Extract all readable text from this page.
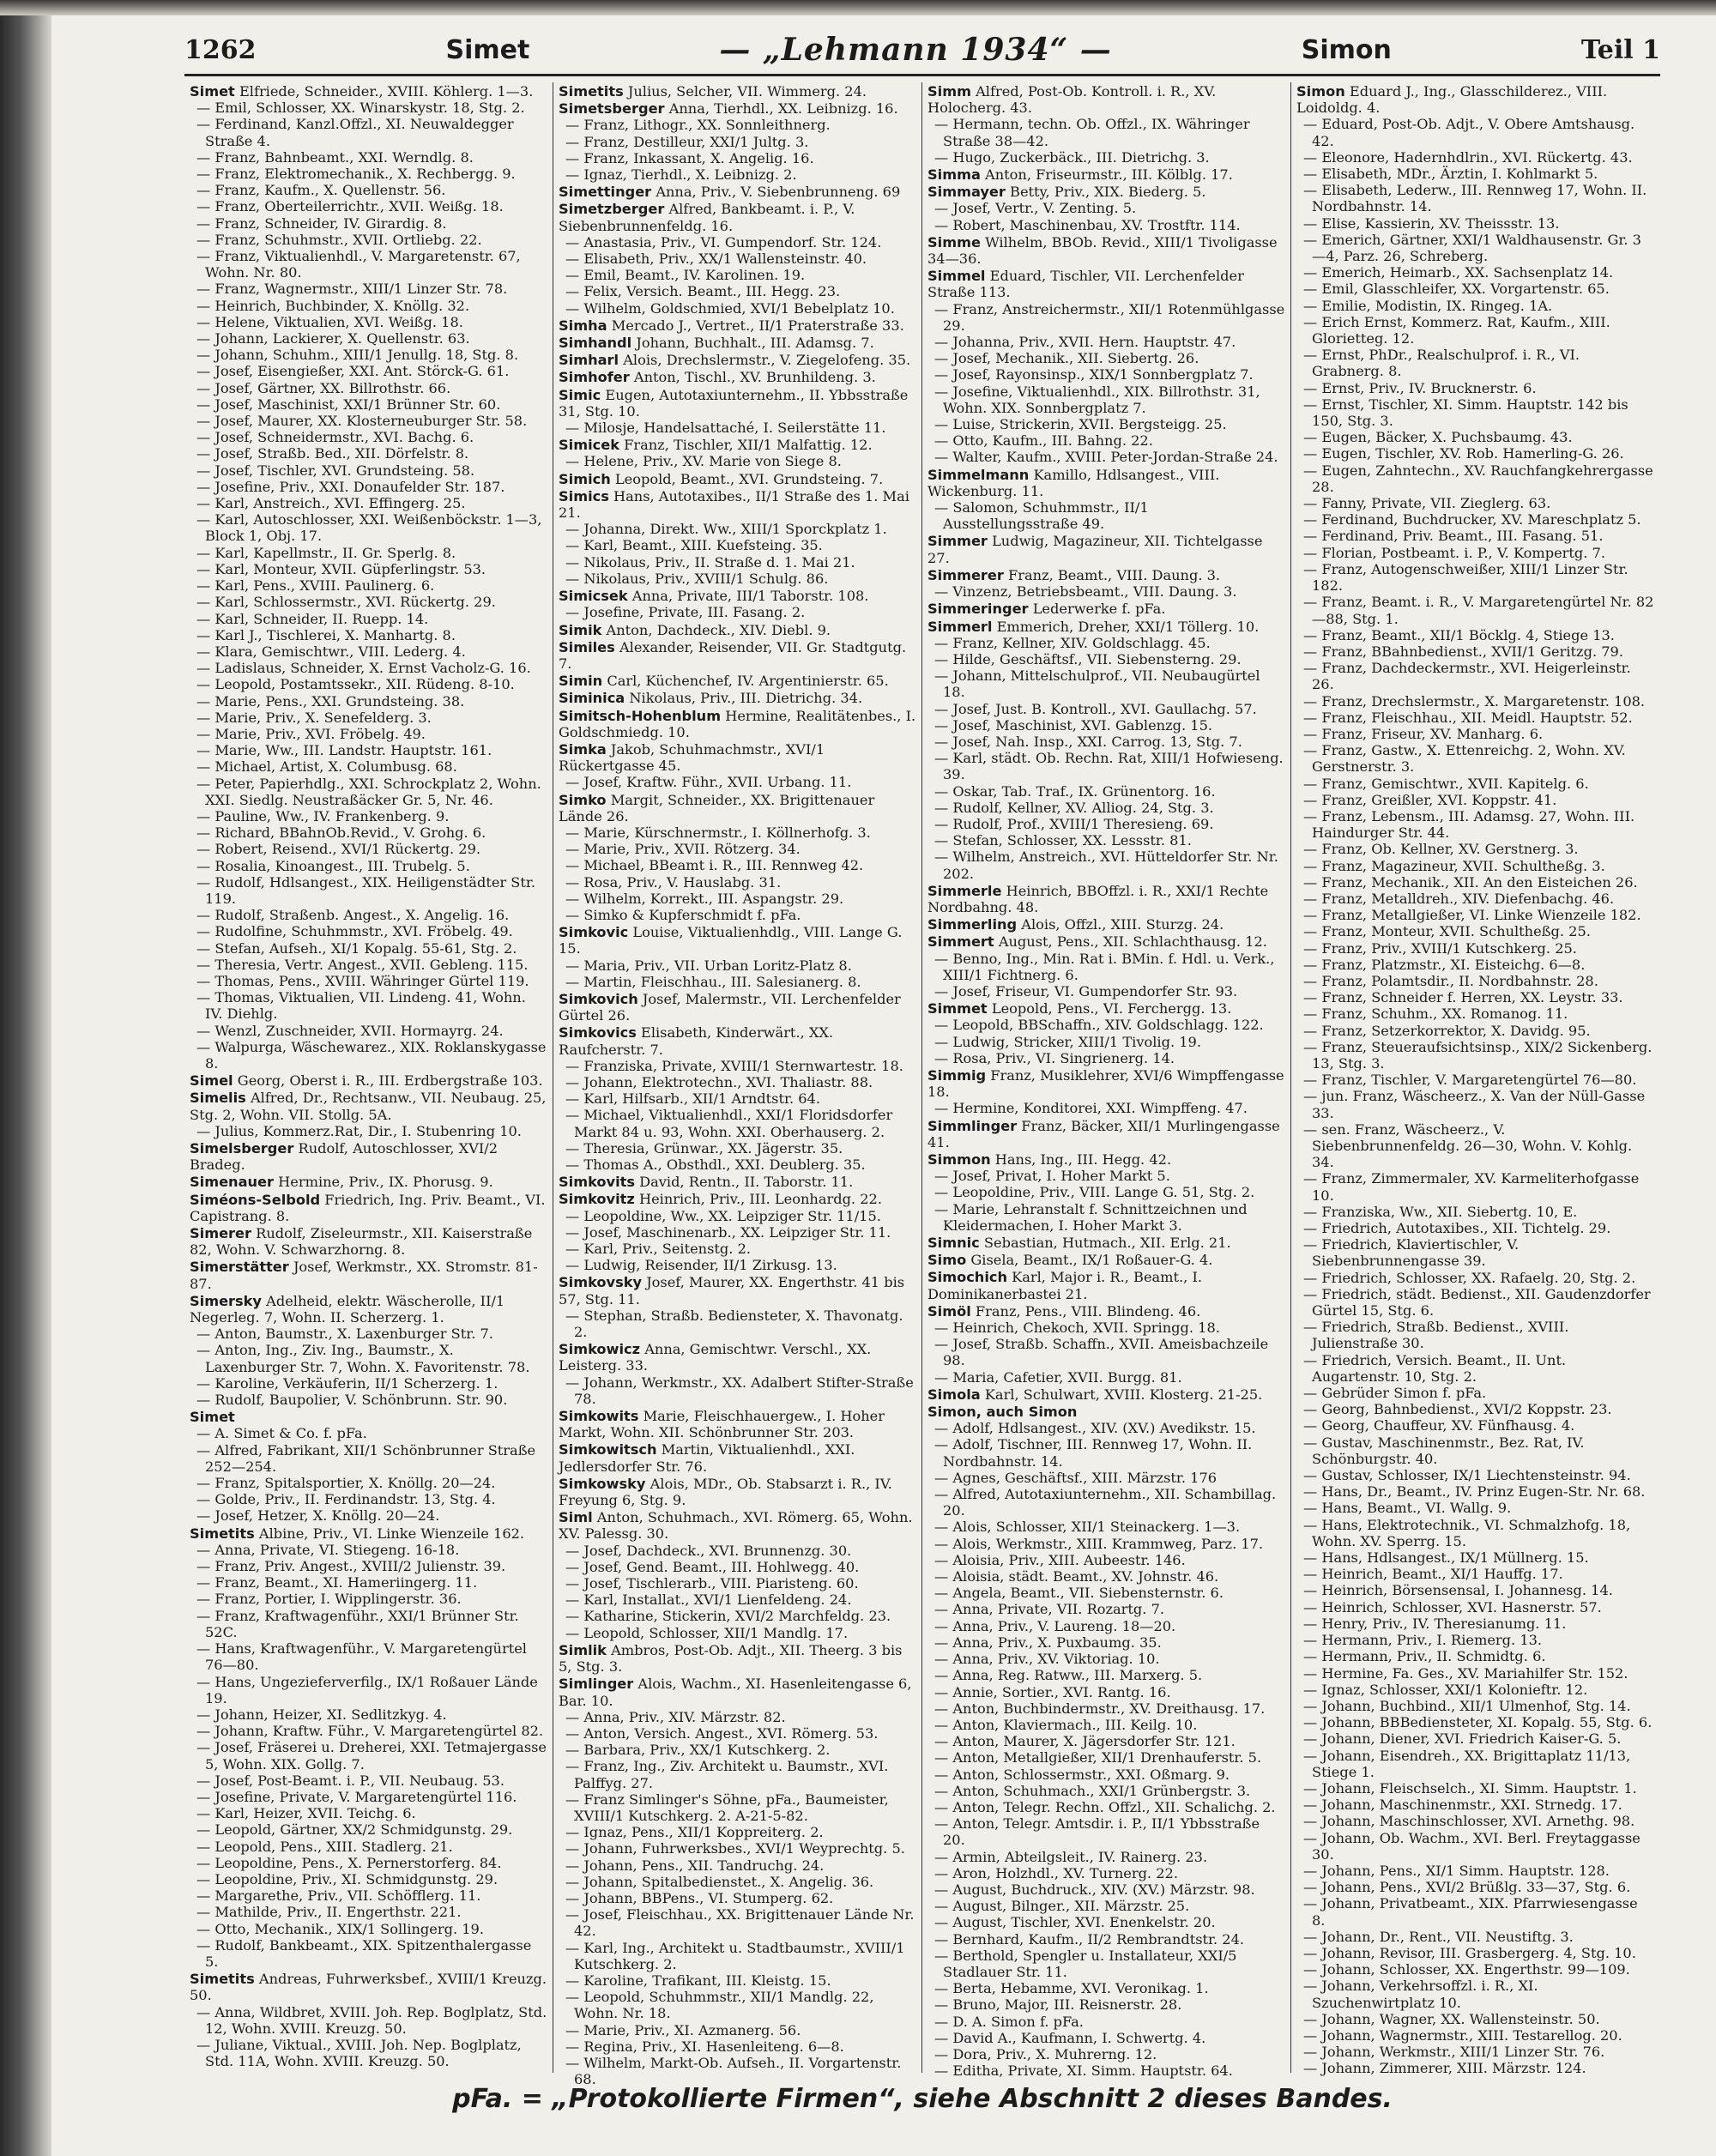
1262	Simet	— „Lehmann 1934“ —	Simon	Teil 1

Simet Elfriede, Schneider., XVIII. Köhlerg. 1—3.

— Emil, Schlosser, XX. Winarskystr. 18, Stg. 2.

— Ferdinand, Kanzl.Offzl., XI. Neuwaldegger Straße 4.

— Franz, Bahnbeamt., XXI. Werndlg. 8.

— Franz, Elektromechanik., X. Rechbergg. 9.

— Franz, Kaufm., X. Quellenstr. 56.

— Franz, Oberteilerrichtr., XVII. Weißg. 18.

— Franz, Schneider, IV. Girardig. 8.

— Franz, Schuhmstr., XVII. Ortliebg. 22.

— Franz, Viktualienhdl., V. Margaretenstr. 67, Wohn. Nr. 80.

— Franz, Wagnermstr., XIII/1 Linzer Str. 78.

— Heinrich, Buchbinder, X. Knöllg. 32.

— Helene, Viktualien, XVI. Weißg. 18.

— Johann, Lackierer, X. Quellenstr. 63.

— Johann, Schuhm., XIII/1 Jenullg. 18, Stg. 8.

— Josef, Eisengießer, XXI. Ant. Störck-G. 61.

— Josef, Gärtner, XX. Billrothstr. 66.

— Josef, Maschinist, XXI/1 Brünner Str. 60.

— Josef, Maurer, XX. Klosterneuburger Str. 58.

— Josef, Schneidermstr., XVI. Bachg. 6.

— Josef, Straßb. Bed., XII. Dörfelstr. 8.

— Josef, Tischler, XVI. Grundsteing. 58.

— Josefine, Priv., XXI. Donaufelder Str. 187.

— Karl, Anstreich., XVI. Effingerg. 25.

— Karl, Autoschlosser, XXI. Weißenböckstr. 1—3, Block 1, Obj. 17.

— Karl, Kapellmstr., II. Gr. Sperlg. 8.

— Karl, Monteur, XVII. Güpferlingstr. 53.

— Karl, Pens., XVIII. Paulinerg. 6.

— Karl, Schlossermstr., XVI. Rückertg. 29.

— Karl, Schneider, II. Ruepp. 14.

— Karl J., Tischlerei, X. Manhartg. 8.

— Klara, Gemischtwr., VIII. Lederg. 4.

— Ladislaus, Schneider, X. Ernst Vacholz-G. 16.

— Leopold, Postamtssekr., XII. Rüdeng. 8-10.

— Marie, Pens., XXI. Grundsteing. 38.

— Marie, Priv., X. Senefelderg. 3.

— Marie, Priv., XVI. Fröbelg. 49.

— Marie, Ww., III. Landstr. Hauptstr. 161.

— Michael, Artist, X. Columbusg. 68.

— Peter, Papierhdlg., XXI. Schrockplatz 2, Wohn. XXI. Siedlg. Neustraßäcker Gr. 5, Nr. 46.

— Pauline, Ww., IV. Frankenberg. 9.

— Richard, BBahnOb.Revid., V. Grohg. 6.

— Robert, Reisend., XVI/1 Rückertg. 29.

— Rosalia, Kinoangest., III. Trubelg. 5.

— Rudolf, Hdlsangest., XIX. Heiligenstädter Str. 119.

— Rudolf, Straßenb. Angest., X. Angelig. 16.

— Rudolfine, Schuhmmstr., XVI. Fröbelg. 49.

— Stefan, Aufseh., XI/1 Kopalg. 55-61, Stg. 2.

— Theresia, Vertr. Angest., XVII. Gebleng. 115.

— Thomas, Pens., XVIII. Währinger Gürtel 119.

— Thomas, Viktualien, VII. Lindeng. 41, Wohn. IV. Diehlg.

— Wenzl, Zuschneider, XVII. Hormayrg. 24.

— Walpurga, Wäschewarez., XIX. Roklanskygasse 8.

Simel Georg, Oberst i. R., III. Erdbergstraße 103.

Simelis Alfred, Dr., Rechtsanw., VII. Neubaug. 25, Stg. 2, Wohn. VII. Stollg. 5A.

— Julius, Kommerz.Rat, Dir., I. Stubenring 10.

Simelsberger Rudolf, Autoschlosser, XVI/2 Bradeg.

Simenauer Hermine, Priv., IX. Phorusg. 9.

Siméons-Selbold Friedrich, Ing. Priv. Beamt., VI. Capistrang. 8.

Simerer Rudolf, Ziseleurmstr., XII. Kaiserstraße 82, Wohn. V. Schwarzhorng. 8.

Simerstätter Josef, Werkmstr., XX. Stromstr. 81-87.

Simersky Adelheid, elektr. Wäscherolle, II/1 Negerleg. 7, Wohn. II. Scherzerg. 1.

— Anton, Baumstr., X. Laxenburger Str. 7.

— Anton, Ing., Ziv. Ing., Baumstr., X. Laxenburger Str. 7, Wohn. X. Favoritenstr. 78.

— Karoline, Verkäuferin, II/1 Scherzerg. 1.

— Rudolf, Baupolier, V. Schönbrunn. Str. 90.

Simet

— A. Simet & Co. f. pFa.

— Alfred, Fabrikant, XII/1 Schönbrunner Straße 252—254.

— Franz, Spitalsportier, X. Knöllg. 20—24.

— Golde, Priv., II. Ferdinandstr. 13, Stg. 4.

— Josef, Hetzer, X. Knöllg. 20—24.

Simetits Albine, Priv., VI. Linke Wienzeile 162.

— Anna, Private, VI. Stiegeng. 16-18.

— Franz, Priv. Angest., XVIII/2 Julienstr. 39.

— Franz, Beamt., XI. Hameriingerg. 11.

— Franz, Portier, I. Wipplingerstr. 36.

— Franz, Kraftwagenführ., XXI/1 Brünner Str. 52C.

— Hans, Kraftwagenführ., V. Margaretengürtel 76—80.

— Hans, Ungezieferverfilg., IX/1 Roßauer Lände 19.

— Johann, Heizer, XI. Sedlitzkyg. 4.

— Johann, Kraftw. Führ., V. Margaretengürtel 82.

— Josef, Fräserei u. Dreherei, XXI. Tetmajergasse 5, Wohn. XIX. Gollg. 7.

— Josef, Post-Beamt. i. P., VII. Neubaug. 53.

— Josefine, Private, V. Margaretengürtel 116.

— Karl, Heizer, XVII. Teichg. 6.

— Leopold, Gärtner, XX/2 Schmidgunstg. 29.

— Leopold, Pens., XIII. Stadlerg. 21.

— Leopoldine, Pens., X. Pernerstorferg. 84.

— Leopoldine, Priv., XI. Schmidgunstg. 29.

— Margarethe, Priv., VII. Schöfflerg. 11.

— Mathilde, Priv., II. Engerthstr. 221.

— Otto, Mechanik., XIX/1 Sollingerg. 19.

— Rudolf, Bankbeamt., XIX. Spitzenthalergasse 5.

Simetits Andreas, Fuhrwerksbef., XVIII/1 Kreuzg. 50.

— Anna, Wildbret, XVIII. Joh. Rep. Boglplatz, Std. 12, Wohn. XVIII. Kreuzg. 50.

— Juliane, Viktual., XVIII. Joh. Nep. Boglplatz, Std. 11A, Wohn. XVIII. Kreuzg. 50.

Simetits Julius, Selcher, VII. Wimmerg. 24.

Simetsberger Anna, Tierhdl., XX. Leibnizg. 16.

— Franz, Lithogr., XX. Sonnleithnerg.

— Franz, Destilleur, XXI/1 Jultg. 3.

— Franz, Inkassant, X. Angelig. 16.

— Ignaz, Tierhdl., X. Leibnizg. 2.

Simettinger Anna, Priv., V. Siebenbrunneng. 69

Simetzberger Alfred, Bankbeamt. i. P., V. Siebenbrunnenfeldg. 16.

— Anastasia, Priv., VI. Gumpendorf. Str. 124.

— Elisabeth, Priv., XX/1 Wallensteinstr. 40.

— Emil, Beamt., IV. Karolinen. 19.

— Felix, Versich. Beamt., III. Hegg. 23.

— Wilhelm, Goldschmied, XVI/1 Bebelplatz 10.

Simha Mercado J., Vertret., II/1 Praterstraße 33.

Simhandl Johann, Buchhalt., III. Adamsg. 7.

Simharl Alois, Drechslermstr., V. Ziegelofeng. 35.

Simhofer Anton, Tischl., XV. Brunhildeng. 3.

Simic Eugen, Autotaxiunternehm., II. Ybbsstraße 31, Stg. 10.

— Milosje, Handelsattaché, I. Seilerstätte 11.

Simicek Franz, Tischler, XII/1 Malfattig. 12.

— Helene, Priv., XV. Marie von Siege 8.

Simich Leopold, Beamt., XVI. Grundsteing. 7.

Simics Hans, Autotaxibes., II/1 Straße des 1. Mai 21.

— Johanna, Direkt. Ww., XIII/1 Sporckplatz 1.

— Karl, Beamt., XIII. Kuefsteing. 35.

— Nikolaus, Priv., II. Straße d. 1. Mai 21.

— Nikolaus, Priv., XVIII/1 Schulg. 86.

Simicsek Anna, Private, III/1 Taborstr. 108.

— Josefine, Private, III. Fasang. 2.

Simik Anton, Dachdeck., XIV. Diebl. 9.

Similes Alexander, Reisender, VII. Gr. Stadtgutg. 7.

Simin Carl, Küchenchef, IV. Argentinierstr. 65.

Siminica Nikolaus, Priv., III. Dietrichg. 34.

Simitsch-Hohenblum Hermine, Realitätenbes., I. Goldschmiedg. 10.

Simka Jakob, Schuhmachmstr., XVI/1 Rückertgasse 45.

— Josef, Kraftw. Führ., XVII. Urbang. 11.

Simko Margit, Schneider., XX. Brigittenauer Lände 26.

— Marie, Kürschnermstr., I. Köllnerhofg. 3.

— Marie, Priv., XVII. Rötzerg. 34.

— Michael, BBeamt i. R., III. Rennweg 42.

— Rosa, Priv., V. Hauslabg. 31.

— Wilhelm, Korrekt., III. Aspangstr. 29.

— Simko & Kupferschmidt f. pFa.

Simkovic Louise, Viktualienhdlg., VIII. Lange G. 15.

— Maria, Priv., VII. Urban Loritz-Platz 8.

— Martin, Fleischhau., III. Salesianerg. 8.

Simkovich Josef, Malermstr., VII. Lerchenfelder Gürtel 26.

Simkovics Elisabeth, Kinderwärt., XX. Raufcherstr. 7.

— Franziska, Private, XVIII/1 Sternwartestr. 18.

— Johann, Elektrotechn., XVI. Thaliastr. 88.

— Karl, Hilfsarb., XII/1 Arndtstr. 64.

— Michael, Viktualienhdl., XXI/1 Floridsdorfer Markt 84 u. 93, Wohn. XXI. Oberhauserg. 2.

— Theresia, Grünwar., XX. Jägerstr. 35.

— Thomas A., Obsthdl., XXI. Deublerg. 35.

Simkovits David, Rentn., II. Taborstr. 11.

Simkovitz Heinrich, Priv., III. Leonhardg. 22.

— Leopoldine, Ww., XX. Leipziger Str. 11/15.

— Josef, Maschinenarb., XX. Leipziger Str. 11.

— Karl, Priv., Seitenstg. 2.

— Ludwig, Reisender, II/1 Zirkusg. 13.

Simkovsky Josef, Maurer, XX. Engerthstr. 41 bis 57, Stg. 11.

— Stephan, Straßb. Bediensteter, X. Thavonatg. 2.

Simkowicz Anna, Gemischtwr. Verschl., XX. Leisterg. 33.

— Johann, Werkmstr., XX. Adalbert Stifter-Straße 78.

Simkowits Marie, Fleischhauergew., I. Hoher Markt, Wohn. XII. Schönbrunner Str. 203.

Simkowitsch Martin, Viktualienhdl., XXI. Jedlersdorfer Str. 76.

Simkowsky Alois, MDr., Ob. Stabsarzt i. R., IV. Freyung 6, Stg. 9.

Siml Anton, Schuhmach., XVI. Römerg. 65, Wohn. XV. Palessg. 30.

— Josef, Dachdeck., XVI. Brunnenzg. 30.

— Josef, Gend. Beamt., III. Hohlwegg. 40.

— Josef, Tischlerarb., VIII. Piaristeng. 60.

— Karl, Installat., XVI/1 Lienfeldeng. 24.

— Katharine, Stickerin, XVI/2 Marchfeldg. 23.

— Leopold, Schlosser, XII/1 Mandlg. 17.

Simlik Ambros, Post-Ob. Adjt., XII. Theerg. 3 bis 5, Stg. 3.

Simlinger Alois, Wachm., XI. Hasenleitengasse 6, Bar. 10.

— Anna, Priv., XIV. Märzstr. 82.

— Anton, Versich. Angest., XVI. Römerg. 53.

— Barbara, Priv., XX/1 Kutschkerg. 2.

— Franz, Ing., Ziv. Architekt u. Baumstr., XVI. Palffyg. 27.

— Franz Simlinger's Söhne, pFa., Baumeister, XVIII/1 Kutschkerg. 2. A-21-5-82.

— Ignaz, Pens., XII/1 Koppreiterg. 2.

— Johann, Fuhrwerksbes., XVI/1 Weyprechtg. 5.

— Johann, Pens., XII. Tandruchg. 24.

— Johann, Spitalbedienstet., X. Angelig. 36.

— Johann, BBPens., VI. Stumperg. 62.

— Josef, Fleischhau., XX. Brigittenauer Lände Nr. 42.

— Karl, Ing., Architekt u. Stadtbaumstr., XVIII/1 Kutschkerg. 2.

— Karoline, Trafikant, III. Kleistg. 15.

— Leopold, Schuhmmstr., XII/1 Mandlg. 22, Wohn. Nr. 18.

— Marie, Priv., XI. Azmanerg. 56.

— Regina, Priv., XI. Hasenleiteng. 6—8.

— Wilhelm, Markt-Ob. Aufseh., II. Vorgartenstr. 68.

Simm Alfred, Post-Ob. Kontroll. i. R., XV. Holocherg. 43.

— Hermann, techn. Ob. Offzl., IX. Währinger Straße 38—42.

— Hugo, Zuckerbäck., III. Dietrichg. 3.

Simma Anton, Friseurmstr., III. Kölblg. 17.

Simmayer Betty, Priv., XIX. Biederg. 5.

— Josef, Vertr., V. Zenting. 5.

— Robert, Maschinenbau, XV. Trostftr. 114.

Simme Wilhelm, BBOb. Revid., XIII/1 Tivoligasse 34—36.

Simmel Eduard, Tischler, VII. Lerchenfelder Straße 113.

— Franz, Anstreichermstr., XII/1 Rotenmühlgasse 29.

— Johanna, Priv., XVII. Hern. Hauptstr. 47.

— Josef, Mechanik., XII. Siebertg. 26.

— Josef, Rayonsinsp., XIX/1 Sonnbergplatz 7.

— Josefine, Viktualienhdl., XIX. Billrothstr. 31, Wohn. XIX. Sonnbergplatz 7.

— Luise, Strickerin, XVII. Bergsteigg. 25.

— Otto, Kaufm., III. Bahng. 22.

— Walter, Kaufm., XVIII. Peter-Jordan-Straße 24.

Simmelmann Kamillo, Hdlsangest., VIII. Wickenburg. 11.

— Salomon, Schuhmmstr., II/1 Ausstellungsstraße 49.

Simmer Ludwig, Magazineur, XII. Tichtelgasse 27.

Simmerer Franz, Beamt., VIII. Daung. 3.

— Vinzenz, Betriebsbeamt., VIII. Daung. 3.

Simmeringer Lederwerke f. pFa.

Simmerl Emmerich, Dreher, XXI/1 Töllerg. 10.

— Franz, Kellner, XIV. Goldschlagg. 45.

— Hilde, Geschäftsf., VII. Siebensterng. 29.

— Johann, Mittelschulprof., VII. Neubaugürtel 18.

— Josef, Just. B. Kontroll., XVI. Gaullachg. 57.

— Josef, Maschinist, XVI. Gablenzg. 15.

— Josef, Nah. Insp., XXI. Carrog. 13, Stg. 7.

— Karl, städt. Ob. Rechn. Rat, XIII/1 Hofwieseng. 39.

— Oskar, Tab. Traf., IX. Grünentorg. 16.

— Rudolf, Kellner, XV. Alliog. 24, Stg. 3.

— Rudolf, Prof., XVIII/1 Theresieng. 69.

— Stefan, Schlosser, XX. Lessstr. 81.

— Wilhelm, Anstreich., XVI. Hütteldorfer Str. Nr. 202.

Simmerle Heinrich, BBOffzl. i. R., XXI/1 Rechte Nordbahng. 48.

Simmerling Alois, Offzl., XIII. Sturzg. 24.

Simmert August, Pens., XII. Schlachthausg. 12.

— Benno, Ing., Min. Rat i. BMin. f. Hdl. u. Verk., XIII/1 Fichtnerg. 6.

— Josef, Friseur, VI. Gumpendorfer Str. 93.

Simmet Leopold, Pens., VI. Ferchergg. 13.

— Leopold, BBSchaffn., XIV. Goldschlagg. 122.

— Ludwig, Stricker, XIII/1 Tivolig. 19.

— Rosa, Priv., VI. Singrienerg. 14.

Simmig Franz, Musiklehrer, XVI/6 Wimpffengasse 18.

— Hermine, Konditorei, XXI. Wimpffeng. 47.

Simmlinger Franz, Bäcker, XII/1 Murlingengasse 41.

Simmon Hans, Ing., III. Hegg. 42.

— Josef, Privat, I. Hoher Markt 5.

— Leopoldine, Priv., VIII. Lange G. 51, Stg. 2.

— Marie, Lehranstalt f. Schnittzeichnen und Kleidermachen, I. Hoher Markt 3.

Simnic Sebastian, Hutmach., XII. Erlg. 21.

Simo Gisela, Beamt., IX/1 Roßauer-G. 4.

Simochich Karl, Major i. R., Beamt., I. Dominikanerbastei 21.

Simöl Franz, Pens., VIII. Blindeng. 46.

— Heinrich, Chekoch, XVII. Springg. 18.

— Josef, Straßb. Schaffn., XVII. Ameisbachzeile 98.

— Maria, Cafetier, XVII. Burgg. 81.

Simola Karl, Schulwart, XVIII. Klosterg. 21-25.

Simon, auch Simon

— Adolf, Hdlsangest., XIV. (XV.) Avedikstr. 15.

— Adolf, Tischner, III. Rennweg 17, Wohn. II. Nordbahnstr. 14.

— Agnes, Geschäftsf., XIII. Märzstr. 176

— Alfred, Autotaxiunternehm., XII. Schambillag. 20.

— Alois, Schlosser, XII/1 Steinackerg. 1—3.

— Alois, Werkmstr., XIII. Krammweg, Parz. 17.

— Aloisia, Priv., XIII. Aubeestr. 146.

— Aloisia, städt. Beamt., XV. Johnstr. 46.

— Angela, Beamt., VII. Siebensternstr. 6.

— Anna, Private, VII. Rozartg. 7.

— Anna, Priv., V. Laureng. 18—20.

— Anna, Priv., X. Puxbaumg. 35.

— Anna, Priv., XV. Viktoriag. 10.

— Anna, Reg. Ratww., III. Marxerg. 5.

— Annie, Sortier., XVI. Rantg. 16.

— Anton, Buchbindermstr., XV. Dreithausg. 17.

— Anton, Klaviermach., III. Keilg. 10.

— Anton, Maurer, X. Jägersdorfer Str. 121.

— Anton, Metallgießer, XII/1 Drenhauferstr. 5.

— Anton, Schlossermstr., XXI. Oßmarg. 9.

— Anton, Schuhmach., XXI/1 Grünbergstr. 3.

— Anton, Telegr. Rechn. Offzl., XII. Schalichg. 2.

— Anton, Telegr. Amtsdir. i. P., II/1 Ybbsstraße 20.

— Armin, Abteilgsleit., IV. Rainerg. 23.

— Aron, Holzhdl., XV. Turnerg. 22.

— August, Buchdruck., XIV. (XV.) Märzstr. 98.

— August, Bilnger., XII. Märzstr. 25.

— August, Tischler, XVI. Enenkelstr. 20.

— Bernhard, Kaufm., II/2 Rembrandtstr. 24.

— Berthold, Spengler u. Installateur, XXI/5 Stadlauer Str. 11.

— Berta, Hebamme, XVI. Veronikag. 1.

— Bruno, Major, III. Reisnerstr. 28.

— D. A. Simon f. pFa.

— David A., Kaufmann, I. Schwertg. 4.

— Dora, Priv., X. Muhrerng. 12.

— Editha, Private, XI. Simm. Hauptstr. 64.

Simon Eduard J., Ing., Glasschilderez., VIII. Loidoldg. 4.

— Eduard, Post-Ob. Adjt., V. Obere Amtshausg. 42.

— Eleonore, Hadernhdlrin., XVI. Rückertg. 43.

— Elisabeth, MDr., Ärztin, I. Kohlmarkt 5.

— Elisabeth, Lederw., III. Rennweg 17, Wohn. II. Nordbahnstr. 14.

— Elise, Kassierin, XV. Theissstr. 13.

— Emerich, Gärtner, XXI/1 Waldhausenstr. Gr. 3—4, Parz. 26, Schreberg.

— Emerich, Heimarb., XX. Sachsenplatz 14.

— Emil, Glasschleifer, XX. Vorgartenstr. 65.

— Emilie, Modistin, IX. Ringeg. 1A.

— Erich Ernst, Kommerz. Rat, Kaufm., XIII. Glorietteg. 12.

— Ernst, PhDr., Realschulprof. i. R., VI. Grabnerg. 8.

— Ernst, Priv., IV. Brucknerstr. 6.

— Ernst, Tischler, XI. Simm. Hauptstr. 142 bis 150, Stg. 3.

— Eugen, Bäcker, X. Puchsbaumg. 43.

— Eugen, Tischler, XV. Rob. Hamerling-G. 26.

— Eugen, Zahntechn., XV. Rauchfangkehrergasse 28.

— Fanny, Private, VII. Zieglerg. 63.

— Ferdinand, Buchdrucker, XV. Mareschplatz 5.

— Ferdinand, Priv. Beamt., III. Fasang. 51.

— Florian, Postbeamt. i. P., V. Kompertg. 7.

— Franz, Autogenschweißer, XIII/1 Linzer Str. 182.

— Franz, Beamt. i. R., V. Margaretengürtel Nr. 82—88, Stg. 1.

— Franz, Beamt., XII/1 Böcklg. 4, Stiege 13.

— Franz, BBahnbedienst., XVII/1 Geritzg. 79.

— Franz, Dachdeckermstr., XVI. Heigerleinstr. 26.

— Franz, Drechslermstr., X. Margaretenstr. 108.

— Franz, Fleischhau., XII. Meidl. Hauptstr. 52.

— Franz, Friseur, XV. Manharg. 6.

— Franz, Gastw., X. Ettenreichg. 2, Wohn. XV. Gerstnerstr. 3.

— Franz, Gemischtwr., XVII. Kapitelg. 6.

— Franz, Greißler, XVI. Koppstr. 41.

— Franz, Lebensm., III. Adamsg. 27, Wohn. III. Haindurger Str. 44.

— Franz, Ob. Kellner, XV. Gerstnerg. 3.

— Franz, Magazineur, XVII. Schultheßg. 3.

— Franz, Mechanik., XII. An den Eisteichen 26.

— Franz, Metalldreh., XIV. Diefenbachg. 46.

— Franz, Metallgießer, VI. Linke Wienzeile 182.

— Franz, Monteur, XVII. Schultheßg. 25.

— Franz, Priv., XVIII/1 Kutschkerg. 25.

— Franz, Platzmstr., XI. Eisteichg. 6—8.

— Franz, Polamtsdir., II. Nordbahnstr. 28.

— Franz, Schneider f. Herren, XX. Leystr. 33.

— Franz, Schuhm., XX. Romanog. 11.

— Franz, Setzerkorrektor, X. Davidg. 95.

— Franz, Steueraufsichtsinsp., XIX/2 Sickenberg. 13, Stg. 3.

— Franz, Tischler, V. Margaretengürtel 76—80.

— jun. Franz, Wäscheerz., X. Van der Nüll-Gasse 33.

— sen. Franz, Wäscheerz., V. Siebenbrunnenfeldg. 26—30, Wohn. V. Kohlg. 34.

— Franz, Zimmermaler, XV. Karmeliterhofgasse 10.

— Franziska, Ww., XII. Siebertg. 10, E.

— Friedrich, Autotaxibes., XII. Tichtelg. 29.

— Friedrich, Klaviertischler, V. Siebenbrunnengasse 39.

— Friedrich, Schlosser, XX. Rafaelg. 20, Stg. 2.

— Friedrich, städt. Bedienst., XII. Gaudenzdorfer Gürtel 15, Stg. 6.

— Friedrich, Straßb. Bedienst., XVIII. Julienstraße 30.

— Friedrich, Versich. Beamt., II. Unt. Augartenstr. 10, Stg. 2.

— Gebrüder Simon f. pFa.

— Georg, Bahnbedienst., XVI/2 Koppstr. 23.

— Georg, Chauffeur, XV. Fünfhausg. 4.

— Gustav, Maschinenmstr., Bez. Rat, IV. Schönburgstr. 40.

— Gustav, Schlosser, IX/1 Liechtensteinstr. 94.

— Hans, Dr., Beamt., IV. Prinz Eugen-Str. Nr. 68.

— Hans, Beamt., VI. Wallg. 9.

— Hans, Elektrotechnik., VI. Schmalzhofg. 18, Wohn. XV. Sperrg. 15.

— Hans, Hdlsangest., IX/1 Müllnerg. 15.

— Heinrich, Beamt., XI/1 Hauffg. 17.

— Heinrich, Börsensensal, I. Johannesg. 14.

— Heinrich, Schlosser, XVI. Hasnerstr. 57.

— Henry, Priv., IV. Theresianumg. 11.

— Hermann, Priv., I. Riemerg. 13.

— Hermann, Priv., II. Schmidtg. 6.

— Hermine, Fa. Ges., XV. Mariahilfer Str. 152.

— Ignaz, Schlosser, XXI/1 Kolonieftr. 12.

— Johann, Buchbind., XII/1 Ulmenhof, Stg. 14.

— Johann, BBBediensteter, XI. Kopalg. 55, Stg. 6.

— Johann, Diener, XVI. Friedrich Kaiser-G. 5.

— Johann, Eisendreh., XX. Brigittaplatz 11/13, Stiege 1.

— Johann, Fleischselch., XI. Simm. Hauptstr. 1.

— Johann, Maschinenmstr., XXI. Strnedg. 17.

— Johann, Maschinschlosser, XVI. Arnethg. 98.

— Johann, Ob. Wachm., XVI. Berl. Freytaggasse 30.

— Johann, Pens., XI/1 Simm. Hauptstr. 128.

— Johann, Pens., XVI/2 Brüßlg. 33—37, Stg. 6.

— Johann, Privatbeamt., XIX. Pfarrwiesengasse 8.

— Johann, Dr., Rent., VII. Neustiftg. 3.

— Johann, Revisor, III. Grasbergerg. 4, Stg. 10.

— Johann, Schlosser, XX. Engerthstr. 99—109.

— Johann, Verkehrsoffzl. i. R., XI. Szuchenwirtplatz 10.

— Johann, Wagner, XX. Wallensteinstr. 50.

— Johann, Wagnermstr., XIII. Testarellog. 20.

— Johann, Werkmstr., XIII/1 Linzer Str. 76.

— Johann, Zimmerer, XIII. Märzstr. 124.

pFa. = „Protokollierte Firmen“, siehe Abschnitt 2 dieses Bandes.
